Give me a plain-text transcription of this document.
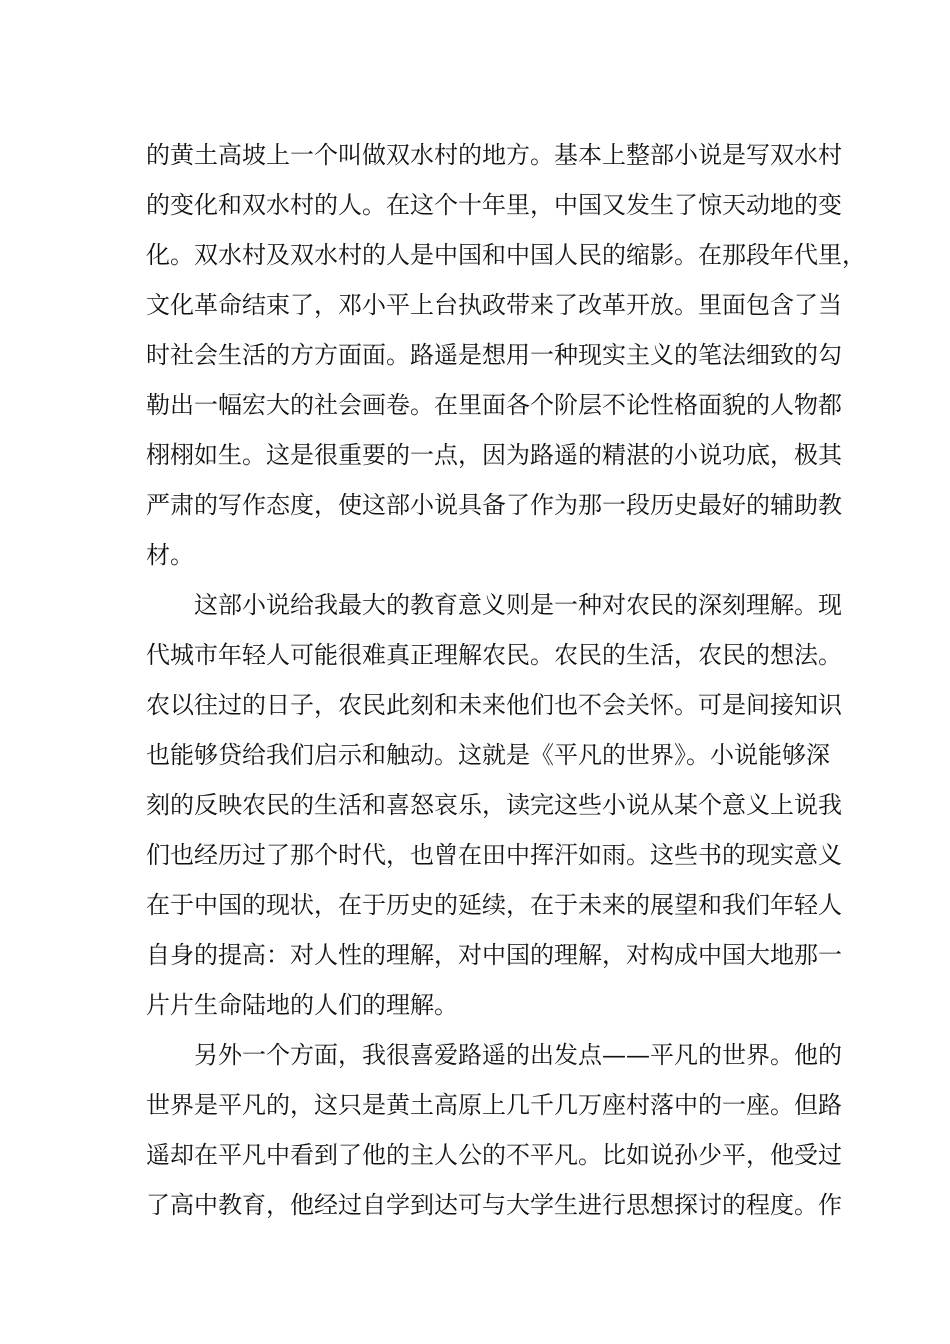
的黄土高坡上一个叫做双水村的地方。基本上整部小说是写双水村
的变化和双水村的人。在这个十年里，中国又发生了惊天动地的变
化。双水村及双水村的人是中国和中国人民的缩影。在那段年代里，
文化革命结束了，邓小平上台执政带来了改革开放。里面包含了当
时社会生活的方方面面。路遥是想用一种现实主义的笔法细致的勾
勒出一幅宏大的社会画卷。在里面各个阶层不论性格面貌的人物都
栩栩如生。这是很重要的一点，因为路遥的精湛的小说功底，极其
严肃的写作态度，使这部小说具备了作为那一段历史最好的辅助教
材。
这部小说给我最大的教育意义则是一种对农民的深刻理解。现
代城市年轻人可能很难真正理解农民。农民的生活，农民的想法。
农以往过的日子，农民此刻和未来他们也不会关怀。可是间接知识
也能够贷给我们启示和触动。这就是《平凡的世界》。小说能够深
刻的反映农民的生活和喜怒哀乐，读完这些小说从某个意义上说我
们也经历过了那个时代，也曾在田中挥汗如雨。这些书的现实意义
在于中国的现状，在于历史的延续，在于未来的展望和我们年轻人
自身的提高：对人性的理解，对中国的理解，对构成中国大地那一
片片生命陆地的人们的理解。
另外一个方面，我很喜爱路遥的出发点——平凡的世界。他的
世界是平凡的，这只是黄土高原上几千几万座村落中的一座。但路
遥却在平凡中看到了他的主人公的不平凡。比如说孙少平，他受过
了高中教育，他经过自学到达可与大学生进行思想探讨的程度。作
